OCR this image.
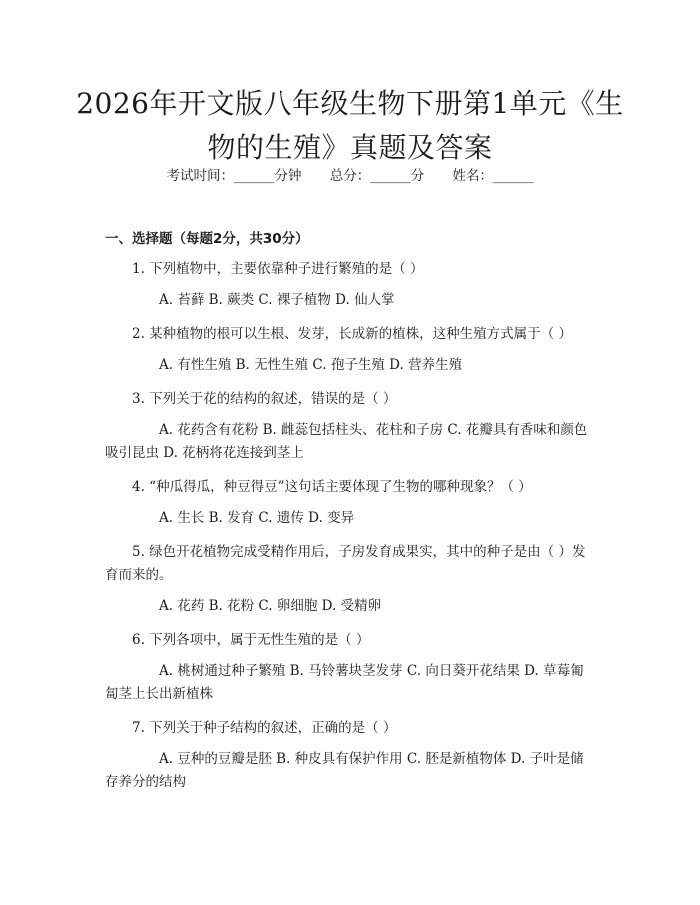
2026年开文版八年级生物下册第1单元《生
物的生殖》真题及答案
考试时间：______分钟 总分：______分 姓名：______
一、选择题（每题2分，共30分）

1. 下列植物中，主要依靠种子进行繁殖的是（ ）

A. 苔藓 B. 蕨类 C. 裸子植物 D. 仙人掌

2. 某种植物的根可以生根、发芽，长成新的植株，这种生殖方式属于（ ）

A. 有性生殖 B. 无性生殖 C. 孢子生殖 D. 营养生殖

3. 下列关于花的结构的叙述，错误的是（ ）

A. 花药含有花粉 B. 雌蕊包括柱头、花柱和子房 C. 花瓣具有香味和颜色吸引昆虫 D. 花柄将花连接到茎上

4. “种瓜得瓜，种豆得豆”这句话主要体现了生物的哪种现象？（ ）

A. 生长 B. 发育 C. 遗传 D. 变异

5. 绿色开花植物完成受精作用后，子房发育成果实，其中的种子是由（ ）发育而来的。

A. 花药 B. 花粉 C. 卵细胞 D. 受精卵

6. 下列各项中，属于无性生殖的是（ ）

A. 桃树通过种子繁殖 B. 马铃薯块茎发芽 C. 向日葵开花结果 D. 草莓匍匐茎上长出新植株

7. 下列关于种子结构的叙述，正确的是（ ）

A. 豆种的豆瓣是胚 B. 种皮具有保护作用 C. 胚是新植物体 D. 子叶是储存养分的结构
